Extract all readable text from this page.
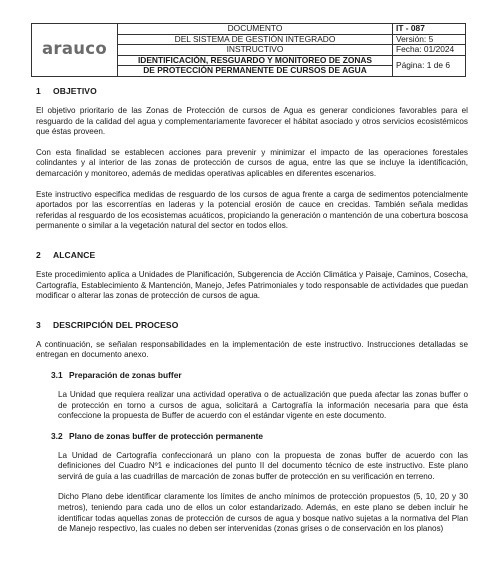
arauco	DOCUMENTO	IT - 087
	DEL SISTEMA DE GESTIÓN INTEGRADO	Versión: 5
	INSTRUCTIVO	Fecha: 01/2024
	IDENTIFICACIÓN, RESGUARDO Y MONITOREO DE ZONAS	Página: 1 de 6
	DE PROTECCIÓN PERMANENTE DE CURSOS DE AGUA	
1 OBJETIVO

El objetivo prioritario de las Zonas de Protección de cursos de Agua es generar condiciones favorables para el resguardo de la calidad del agua y complementariamente favorecer el hábitat asociado y otros servicios ecosistémicos que éstas proveen.

Con esta finalidad se establecen acciones para prevenir y minimizar el impacto de las operaciones forestales colindantes y al interior de las zonas de protección de cursos de agua, entre las que se incluye la identificación, demarcación y monitoreo, además de medidas operativas aplicables en diferentes escenarios.

Este instructivo especifica medidas de resguardo de los cursos de agua frente a carga de sedimentos potencialmente aportados por las escorrentías en laderas y la potencial erosión de cauce en crecidas. También señala medidas referidas al resguardo de los ecosistemas acuáticos, propiciando la generación o mantención de una cobertura boscosa permanente o similar a la vegetación natural del sector en todos ellos.

2 ALCANCE

Este procedimiento aplica a Unidades de Planificación, Subgerencia de Acción Climática y Paisaje, Caminos, Cosecha, Cartografía, Establecimiento & Mantención, Manejo, Jefes Patrimoniales y todo responsable de actividades que puedan modificar o alterar las zonas de protección de cursos de agua.

3 DESCRIPCIÓN DEL PROCESO

A continuación, se señalan responsabilidades en la implementación de este instructivo. Instrucciones detalladas se entregan en documento anexo.

3.1 Preparación de zonas buffer

La Unidad que requiera realizar una actividad operativa o de actualización que pueda afectar las zonas buffer o de protección en torno a cursos de agua, solicitará a Cartografía la información necesaria para que ésta confeccione la propuesta de Buffer de acuerdo con el estándar vigente en este documento.

3.2 Plano de zonas buffer de protección permanente

La Unidad de Cartografía confeccionará un plano con la propuesta de zonas buffer de acuerdo con las definiciones del Cuadro Nº1 e indicaciones del punto II del documento técnico de este instructivo. Este plano servirá de guía a las cuadrillas de marcación de zonas buffer de protección en su verificación en terreno.

Dicho Plano debe identificar claramente los límites de ancho mínimos de protección propuestos (5, 10, 20 y 30 metros), teniendo para cada uno de ellos un color estandarizado. Además, en este plano se deben incluir he identificar todas aquellas zonas de protección de cursos de agua y bosque nativo sujetas a la normativa del Plan de Manejo respectivo, las cuales no deben ser intervenidas (zonas grises o de conservación en los planos)
